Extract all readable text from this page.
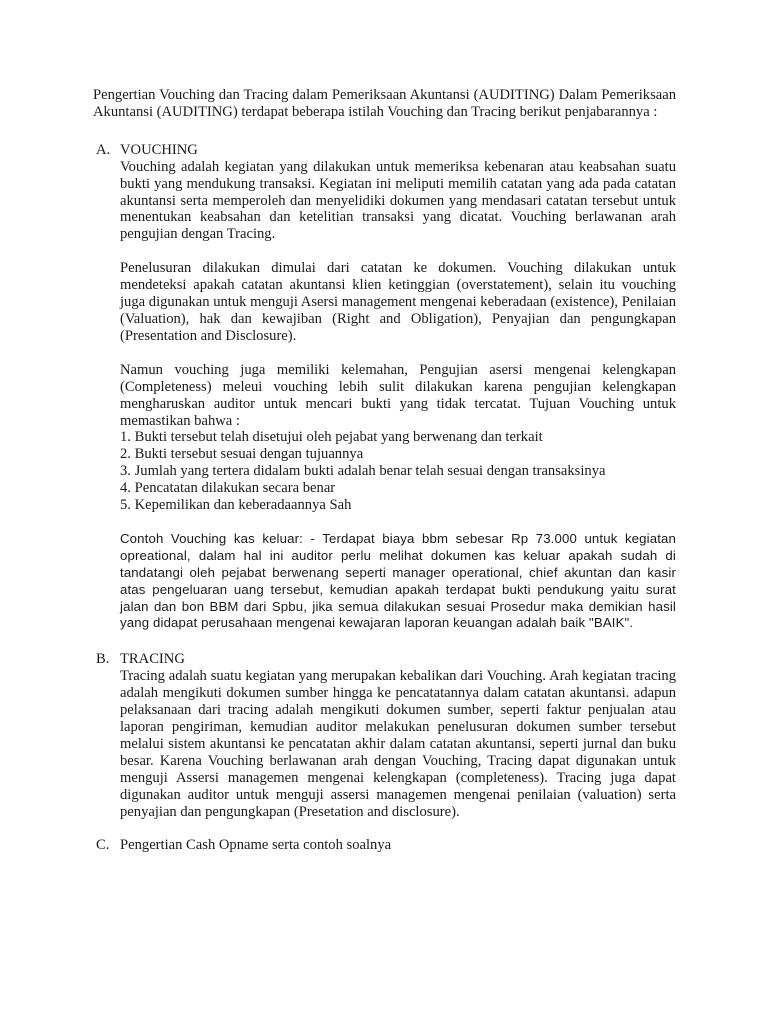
Pengertian Vouching dan Tracing dalam Pemeriksaan Akuntansi (AUDITING) Dalam Pemeriksaan Akuntansi (AUDITING) terdapat beberapa istilah Vouching dan Tracing berikut penjabarannya :

A. VOUCHING

Vouching adalah kegiatan yang dilakukan untuk memeriksa kebenaran atau keabsahan suatu bukti yang mendukung transaksi. Kegiatan ini meliputi memilih catatan yang ada pada catatan akuntansi serta memperoleh dan menyelidiki dokumen yang mendasari catatan tersebut untuk menentukan keabsahan dan ketelitian transaksi yang dicatat. Vouching berlawanan arah pengujian dengan Tracing.

Penelusuran dilakukan dimulai dari catatan ke dokumen. Vouching dilakukan untuk mendeteksi apakah catatan akuntansi klien ketinggian (overstatement), selain itu vouching juga digunakan untuk menguji Asersi management mengenai keberadaan (existence), Penilaian (Valuation), hak dan kewajiban (Right and Obligation), Penyajian dan pengungkapan (Presentation and Disclosure).

Namun vouching juga memiliki kelemahan, Pengujian asersi mengenai kelengkapan (Completeness) meleui vouching lebih sulit dilakukan karena pengujian kelengkapan mengharuskan auditor untuk mencari bukti yang tidak tercatat. Tujuan Vouching untuk memastikan bahwa :

1. Bukti tersebut telah disetujui oleh pejabat yang berwenang dan terkait
2. Bukti tersebut sesuai dengan tujuannya
3. Jumlah yang tertera didalam bukti adalah benar telah sesuai dengan transaksinya
4. Pencatatan dilakukan secara benar
5. Kepemilikan dan keberadaannya Sah

Contoh Vouching kas keluar: - Terdapat biaya bbm sebesar Rp 73.000 untuk kegiatan opreational, dalam hal ini auditor perlu melihat dokumen kas keluar apakah sudah di tandatangi oleh pejabat berwenang seperti manager operational, chief akuntan dan kasir atas pengeluaran uang tersebut, kemudian apakah terdapat bukti pendukung yaitu surat jalan dan bon BBM dari Spbu, jika semua dilakukan sesuai Prosedur maka demikian hasil yang didapat perusahaan mengenai kewajaran laporan keuangan adalah baik "BAIK".

B. TRACING

Tracing adalah suatu kegiatan yang merupakan kebalikan dari Vouching. Arah kegiatan tracing adalah mengikuti dokumen sumber hingga ke pencatatannya dalam catatan akuntansi. adapun pelaksanaan dari tracing adalah mengikuti dokumen sumber, seperti faktur penjualan atau laporan pengiriman, kemudian auditor melakukan penelusuran dokumen sumber tersebut melalui sistem akuntansi ke pencatatan akhir dalam catatan akuntansi, seperti jurnal dan buku besar. Karena Vouching berlawanan arah dengan Vouching, Tracing dapat digunakan untuk menguji Assersi managemen mengenai kelengkapan (completeness). Tracing juga dapat digunakan auditor untuk menguji assersi managemen mengenai penilaian (valuation) serta penyajian dan pengungkapan (Presetation and disclosure).

C. Pengertian Cash Opname serta contoh soalnya
